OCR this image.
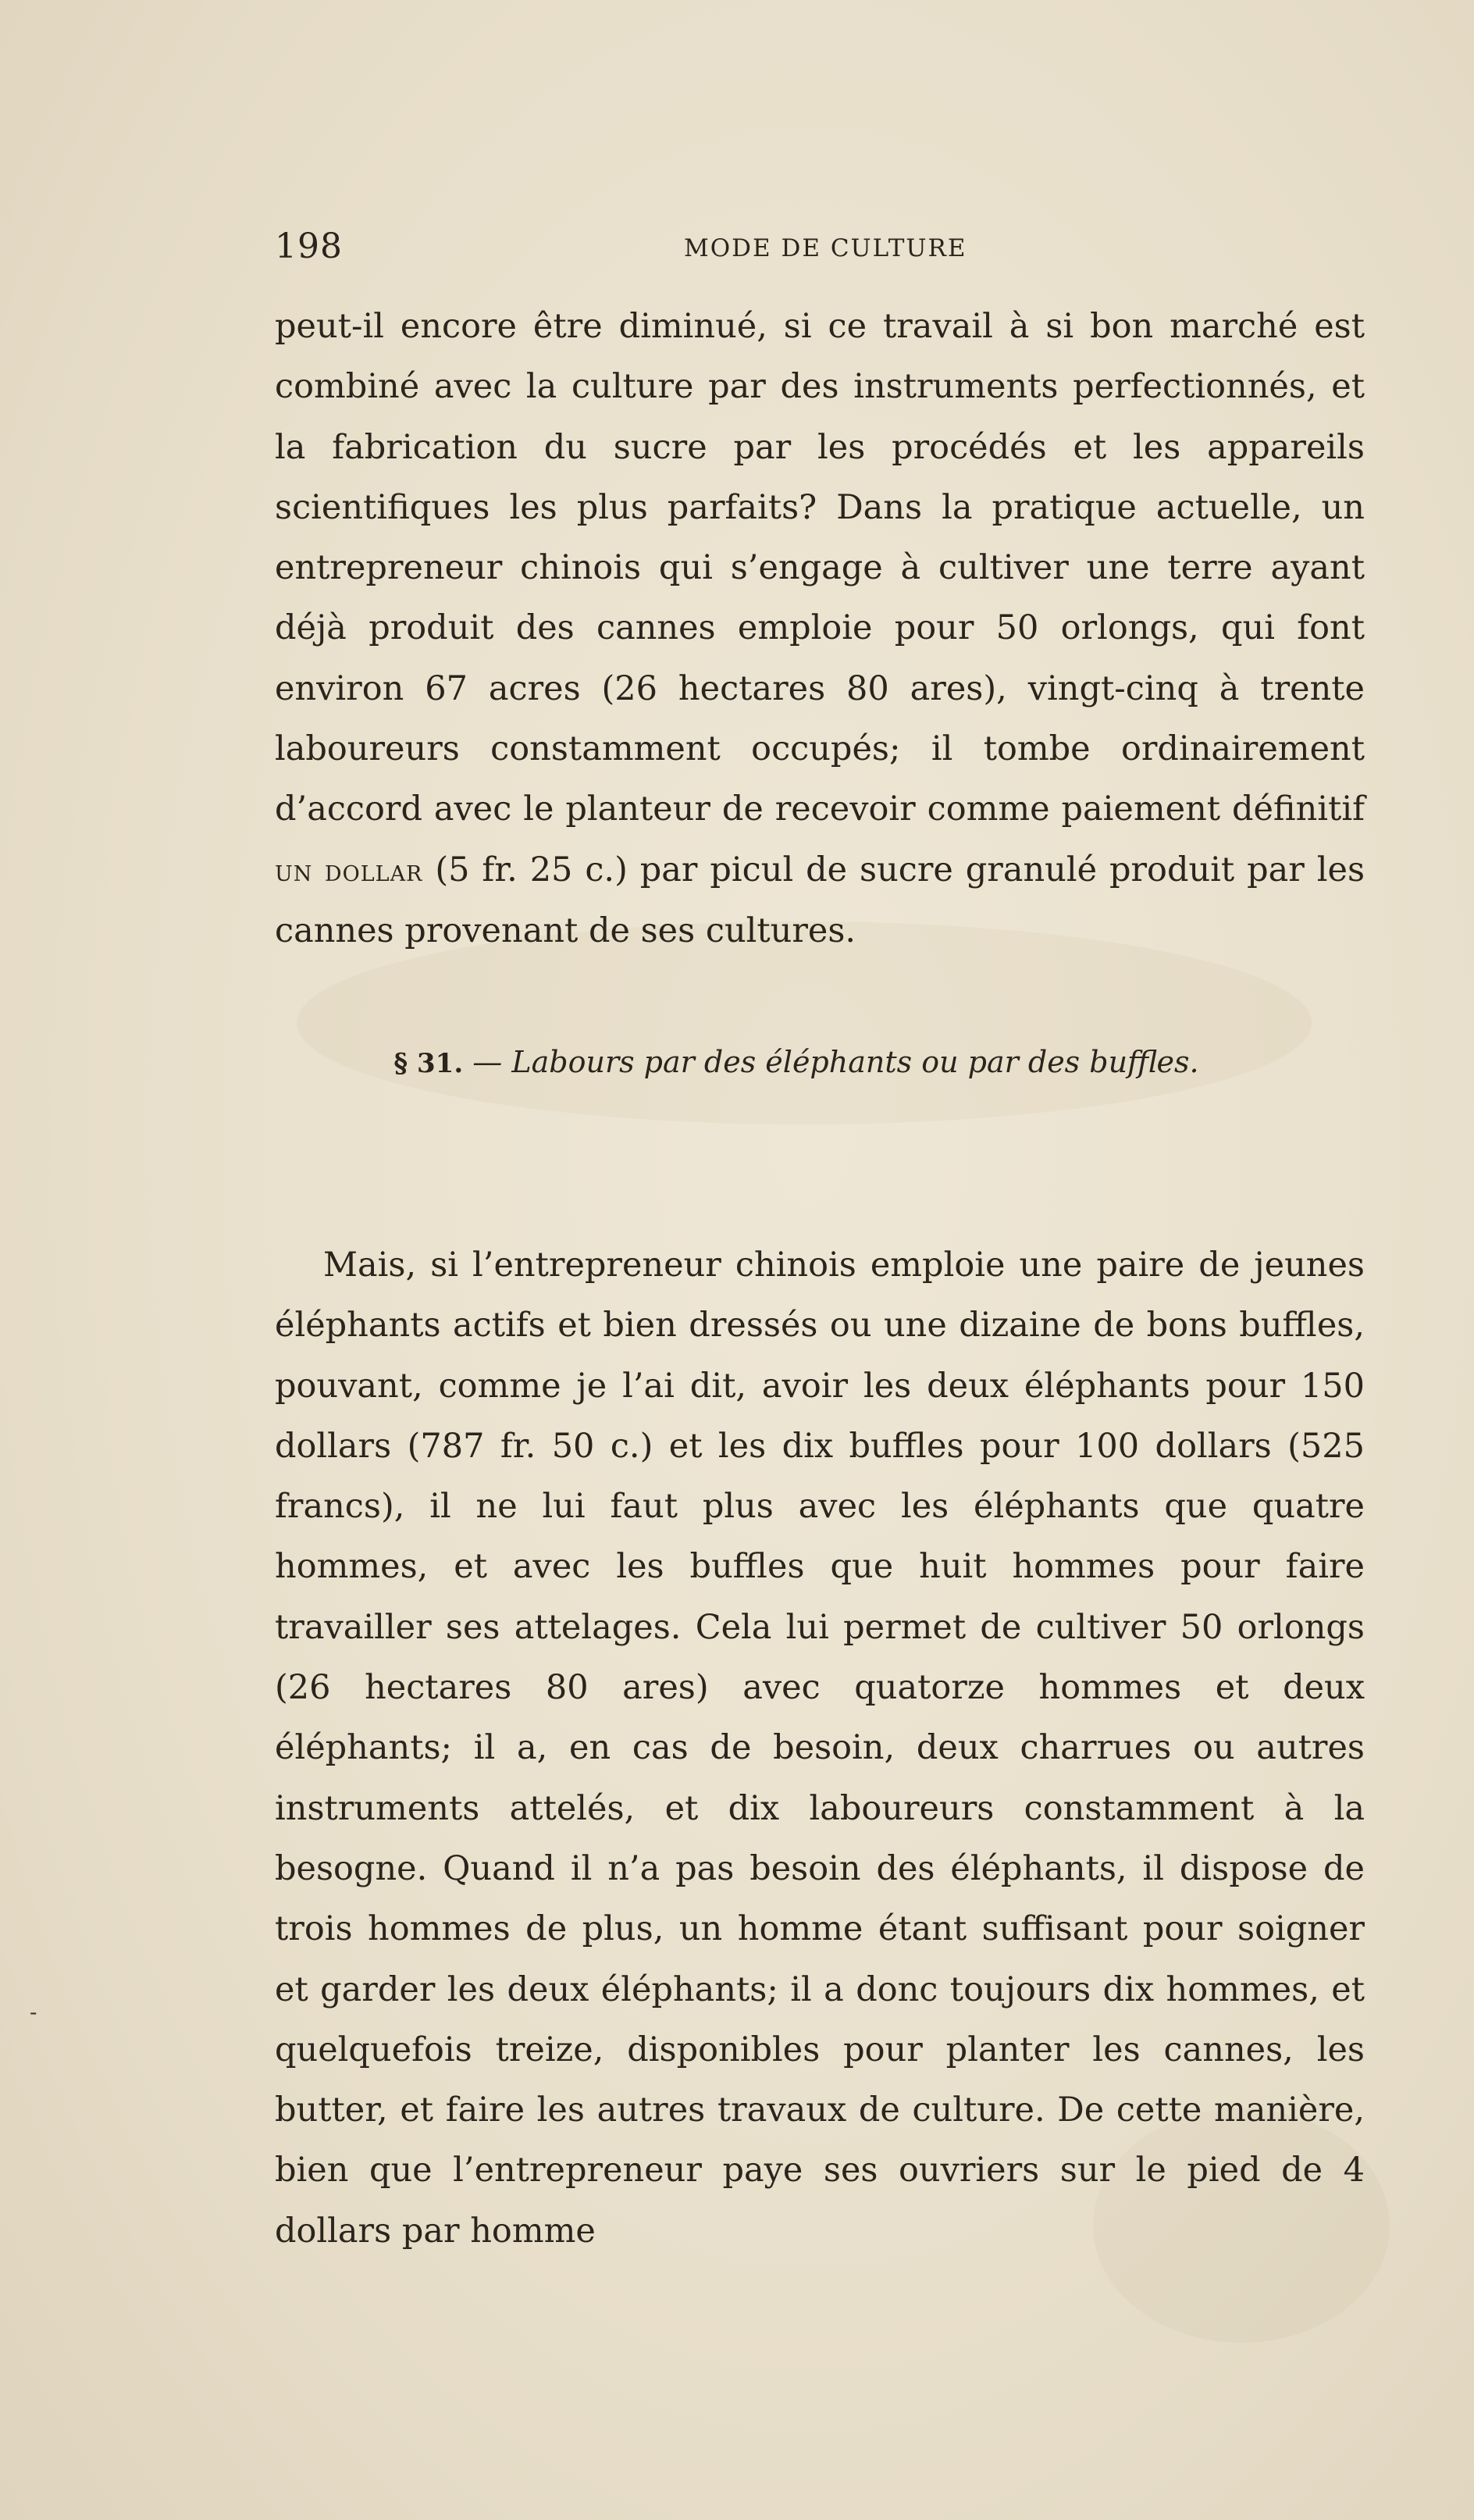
198	MODE DE CULTURE

peut-il encore être diminué, si ce travail à si bon marché est combiné avec la culture par des instruments perfectionnés, et la fabrication du sucre par les procédés et les appareils scientifiques les plus parfaits? Dans la pratique actuelle, un entrepreneur chinois qui s’engage à cultiver une terre ayant déjà produit des cannes emploie pour 50 orlongs, qui font environ 67 acres (26 hectares 80 ares), vingt-cinq à trente laboureurs constamment occupés; il tombe ordinairement d’accord avec le planteur de recevoir comme paiement définitif un dollar (5 fr. 25 c.) par picul de sucre granulé produit par les cannes provenant de ses cultures.

§ 31. — Labours par des éléphants ou par des buffles.

Mais, si l’entrepreneur chinois emploie une paire de jeunes éléphants actifs et bien dressés ou une dizaine de bons buffles, pouvant, comme je l’ai dit, avoir les deux éléphants pour 150 dollars (787 fr. 50 c.) et les dix buffles pour 100 dollars (525 francs), il ne lui faut plus avec les éléphants que quatre hommes, et avec les buffles que huit hommes pour faire travailler ses attelages. Cela lui permet de cultiver 50 orlongs (26 hectares 80 ares) avec quatorze hommes et deux éléphants; il a, en cas de besoin, deux charrues ou autres instruments attelés, et dix laboureurs constamment à la besogne. Quand il n’a pas besoin des éléphants, il dispose de trois hommes de plus, un homme étant suffisant pour soigner et garder les deux éléphants; il a donc toujours dix hommes, et quelquefois treize, disponibles pour planter les cannes, les butter, et faire les autres travaux de culture. De cette manière, bien que l’entrepreneur paye ses ouvriers sur le pied de 4 dollars par homme

-
